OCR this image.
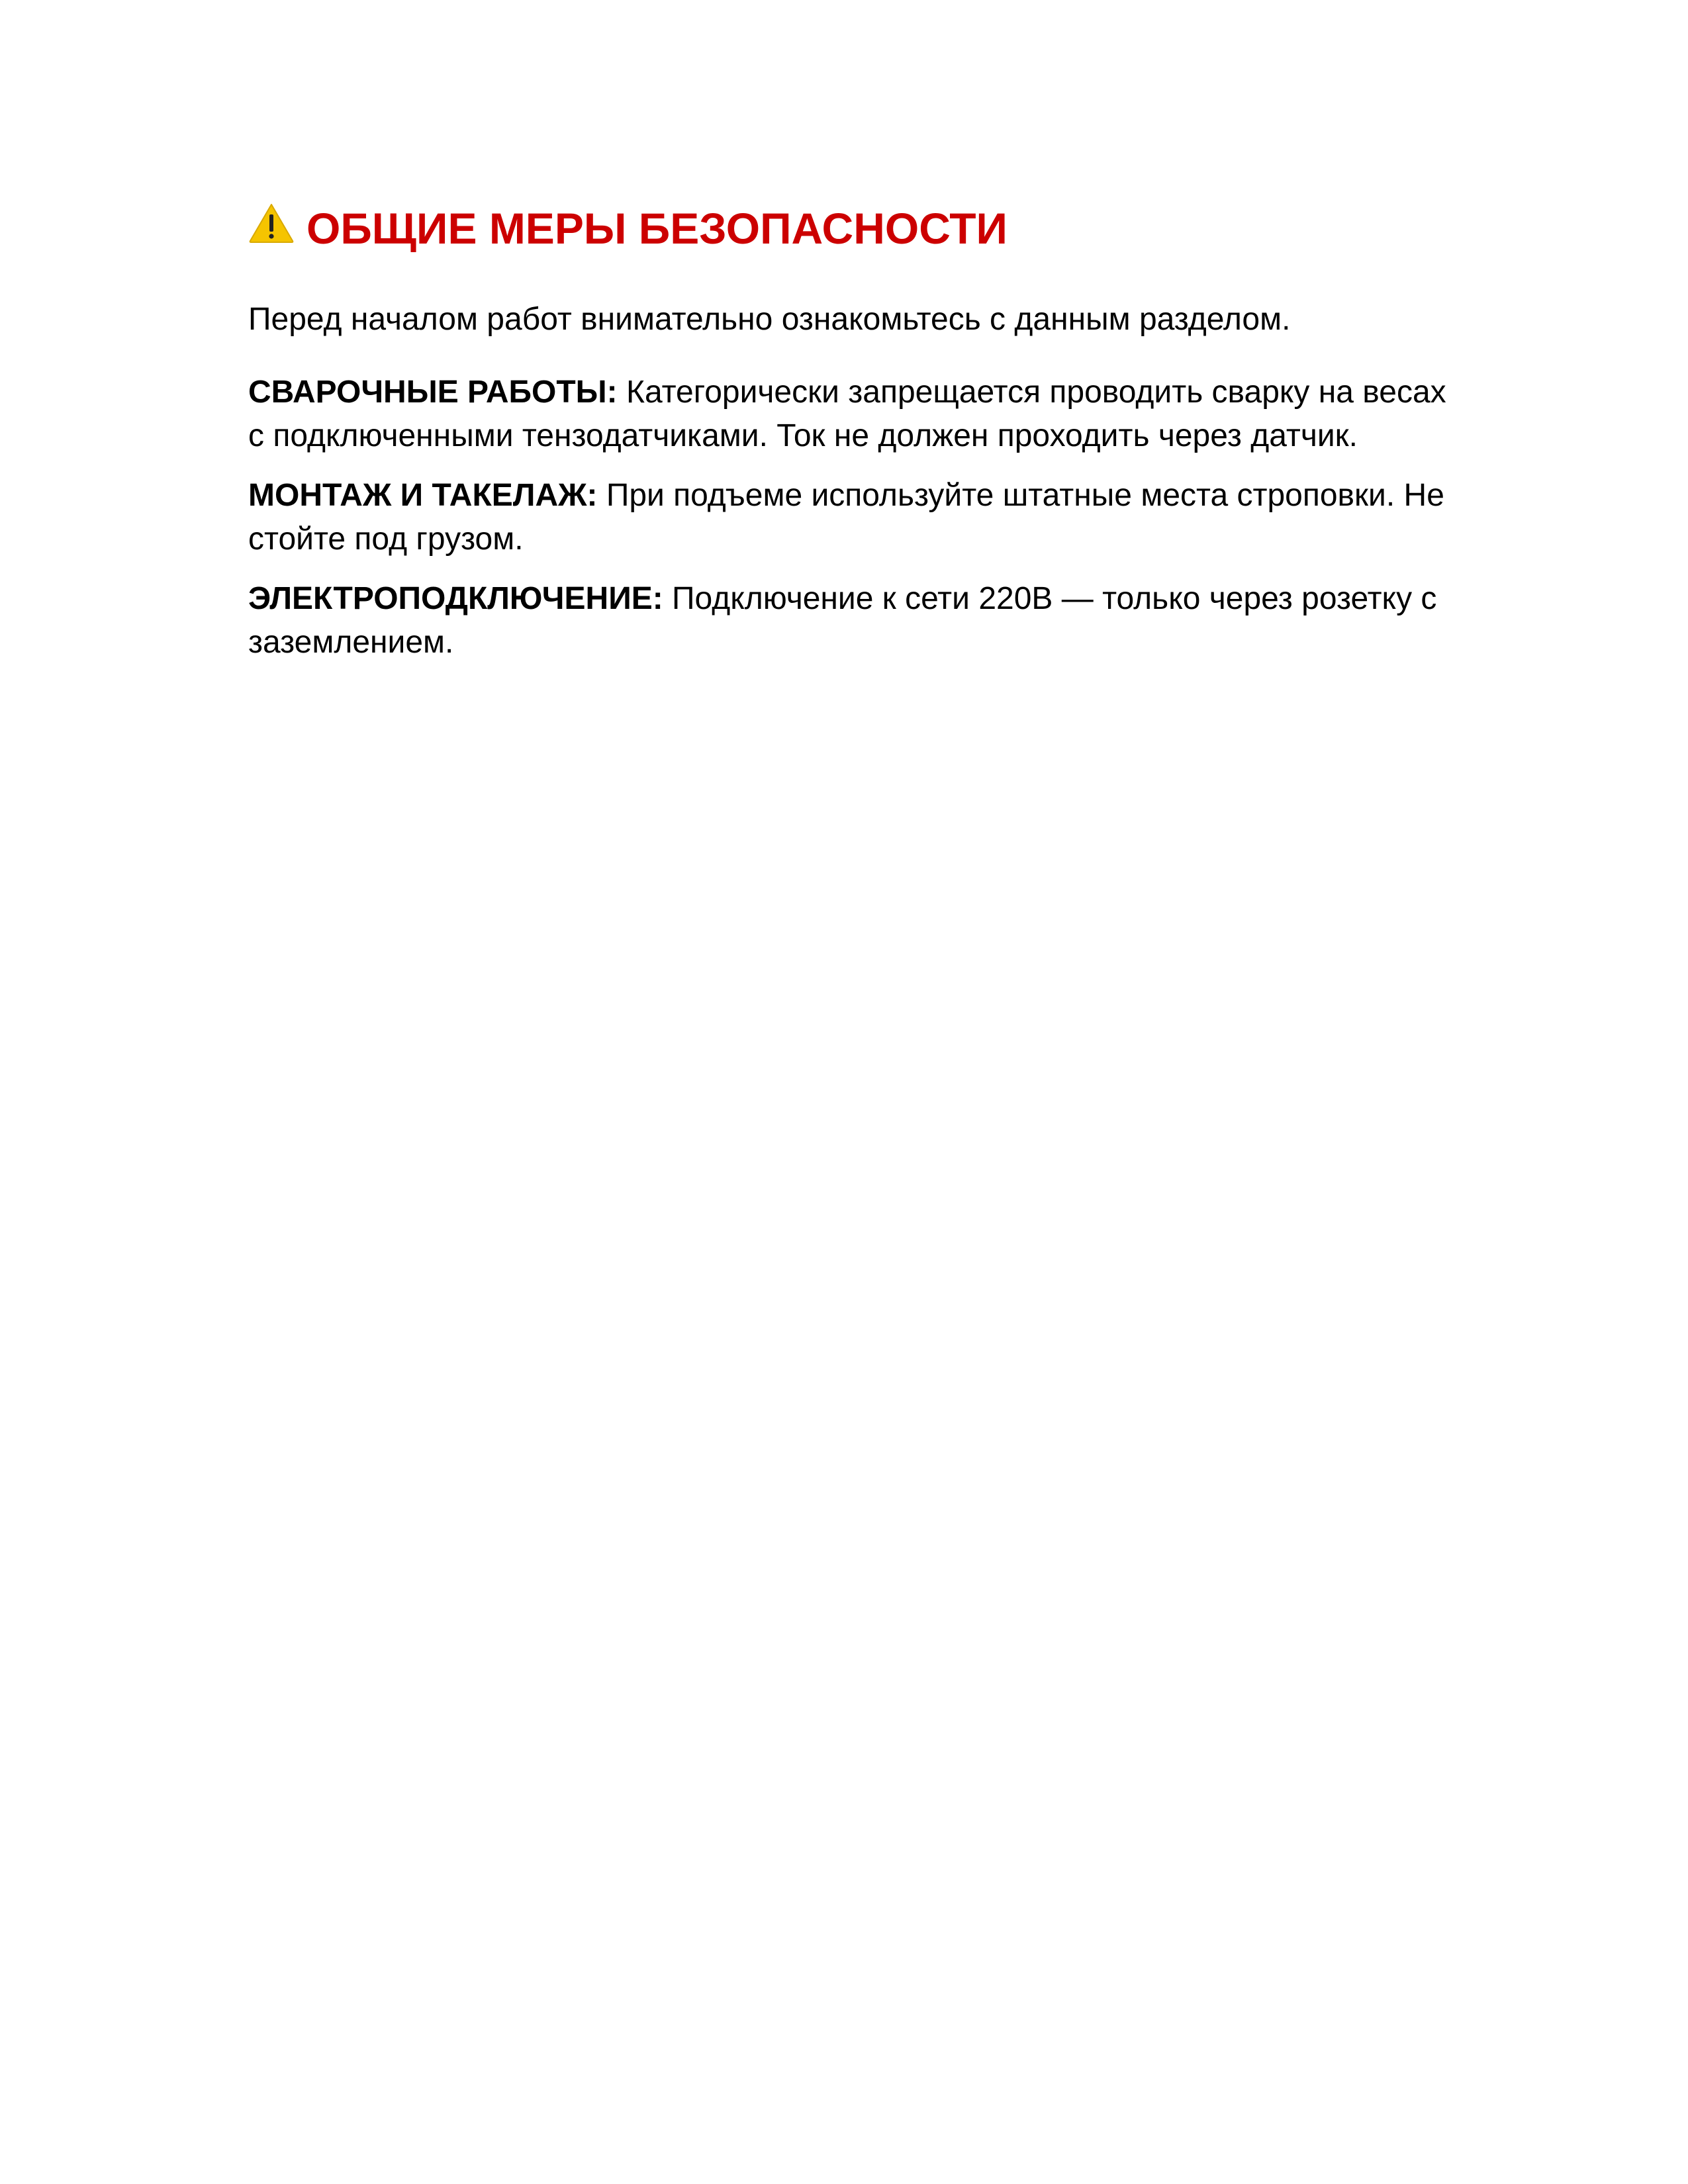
ОБЩИЕ МЕРЫ БЕЗОПАСНОСТИ

Перед началом работ внимательно ознакомьтесь с данным разделом.

СВАРОЧНЫЕ РАБОТЫ: Категорически запрещается проводить сварку на весах с подключенными тензодатчиками. Ток не должен проходить через датчик.

МОНТАЖ И ТАКЕЛАЖ: При подъеме используйте штатные места строповки. Не стойте под грузом.

ЭЛЕКТРОПОДКЛЮЧЕНИЕ: Подключение к сети 220В — только через розетку с заземлением.
